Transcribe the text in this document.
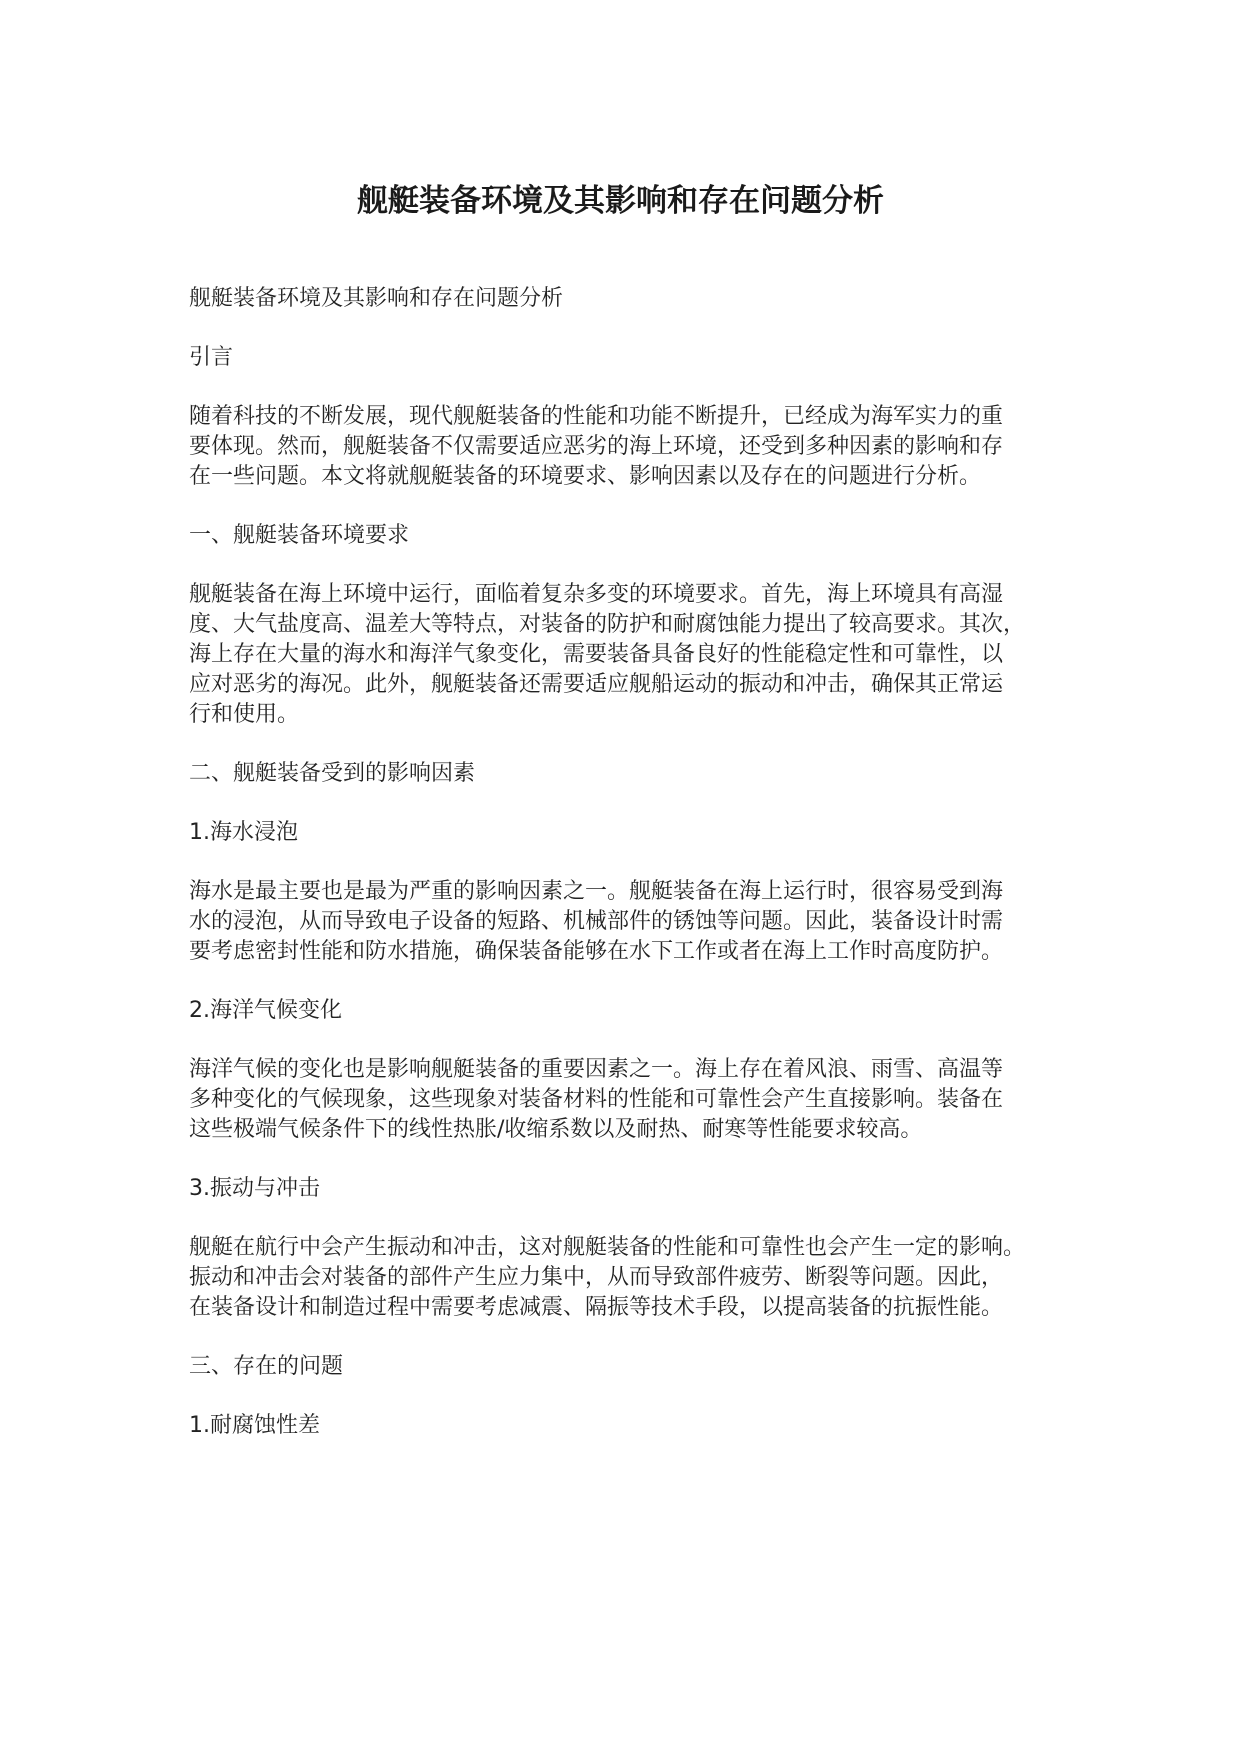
舰艇装备环境及其影响和存在问题分析

舰艇装备环境及其影响和存在问题分析

引言

随着科技的不断发展，现代舰艇装备的性能和功能不断提升，已经成为海军实力的重
要体现。然而，舰艇装备不仅需要适应恶劣的海上环境，还受到多种因素的影响和存
在一些问题。本文将就舰艇装备的环境要求、影响因素以及存在的问题进行分析。

一、舰艇装备环境要求

舰艇装备在海上环境中运行，面临着复杂多变的环境要求。首先，海上环境具有高湿
度、大气盐度高、温差大等特点，对装备的防护和耐腐蚀能力提出了较高要求。其次，
海上存在大量的海水和海洋气象变化，需要装备具备良好的性能稳定性和可靠性，以
应对恶劣的海况。此外，舰艇装备还需要适应舰船运动的振动和冲击，确保其正常运
行和使用。

二、舰艇装备受到的影响因素

1.海水浸泡

海水是最主要也是最为严重的影响因素之一。舰艇装备在海上运行时，很容易受到海
水的浸泡，从而导致电子设备的短路、机械部件的锈蚀等问题。因此，装备设计时需
要考虑密封性能和防水措施，确保装备能够在水下工作或者在海上工作时高度防护。

2.海洋气候变化

海洋气候的变化也是影响舰艇装备的重要因素之一。海上存在着风浪、雨雪、高温等
多种变化的气候现象，这些现象对装备材料的性能和可靠性会产生直接影响。装备在
这些极端气候条件下的线性热胀/收缩系数以及耐热、耐寒等性能要求较高。

3.振动与冲击

舰艇在航行中会产生振动和冲击，这对舰艇装备的性能和可靠性也会产生一定的影响。
振动和冲击会对装备的部件产生应力集中，从而导致部件疲劳、断裂等问题。因此，
在装备设计和制造过程中需要考虑减震、隔振等技术手段，以提高装备的抗振性能。

三、存在的问题

1.耐腐蚀性差
